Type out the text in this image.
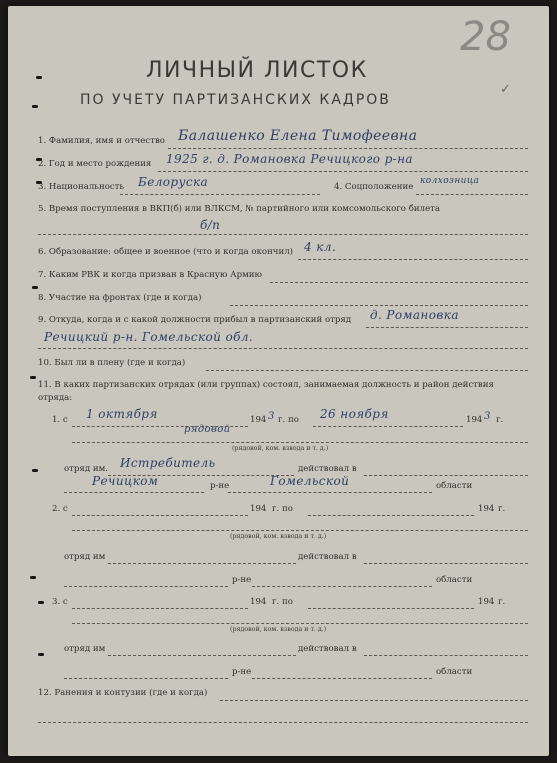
28
✓
ЛИЧНЫЙ ЛИСТОК
ПО УЧЕТУ ПАРТИЗАНСКИХ КАДРОВ
1. Фамилия, имя и отчество Балашенко Елена Тимофеевна
2. Год и место рождения 1925 г. д. Романовка Речицкого р-на
3. Национальность Белоруска	4. Соцположение
колхозница
5. Время поступления в ВКП(б) или ВЛКСМ, № партийного или комсомольского билета
б/п
6. Образование: общее и военное (что и когда окончил) 4 кл.
7. Каким РВК и когда призван в Красную Армию
8. Участие на фронтах (где и когда)
9. Откуда, когда и с какой должности прибыл в партизанский отряд д. Романовка
Речицкий р-н. Гомельской обл.
10. Был ли в плену (где и когда)
11. В каких партизанских отрядах (или группах) состоял, занимаемая должность и район действия
отряда:
1. с 1 октября	194 3 г. по 26 ноября	194 3 г.
рядовой
(рядовой, ком. взвода и т. д.)
отряд им. Истребитель	действовал в
Речицком	р-не	Гомельской	области
2. с	194 г. по	194 г.
(рядовой, ком. взвода и т. д.)
отряд им	действовал в
р-не	области
3. с	194 г. по	194 г.
(рядовой, ком. взвода и т. д.)
отряд им	действовал в
р-не	области
12. Ранения и контузии (где и когда)
